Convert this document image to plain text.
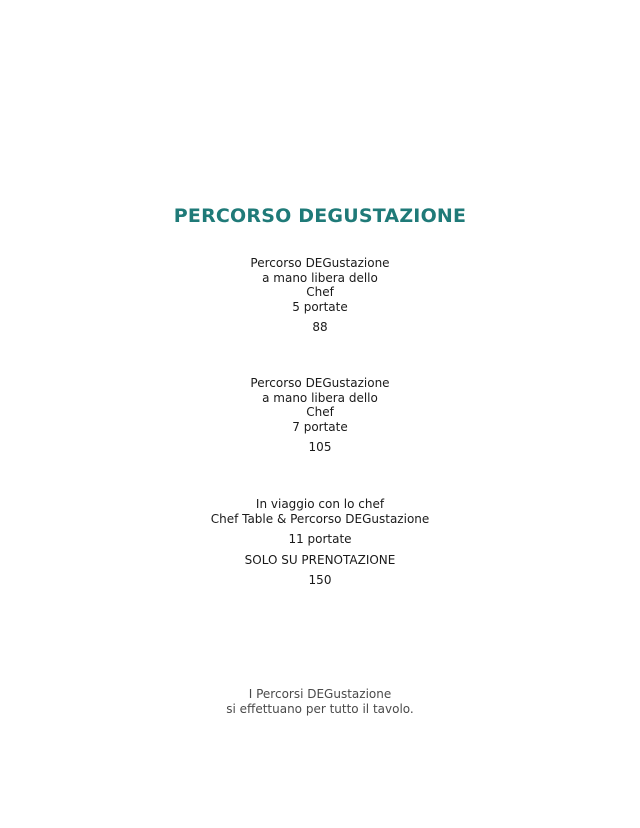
PERCORSO DEGUSTAZIONE
Percorso DEGustazione
a mano libera dello
Chef
5 portate
88
Percorso DEGustazione
a mano libera dello
Chef
7 portate
105
In viaggio con lo chef
Chef Table & Percorso DEGustazione
11 portate
SOLO SU PRENOTAZIONE
150
I Percorsi DEGustazione
si effettuano per tutto il tavolo.
